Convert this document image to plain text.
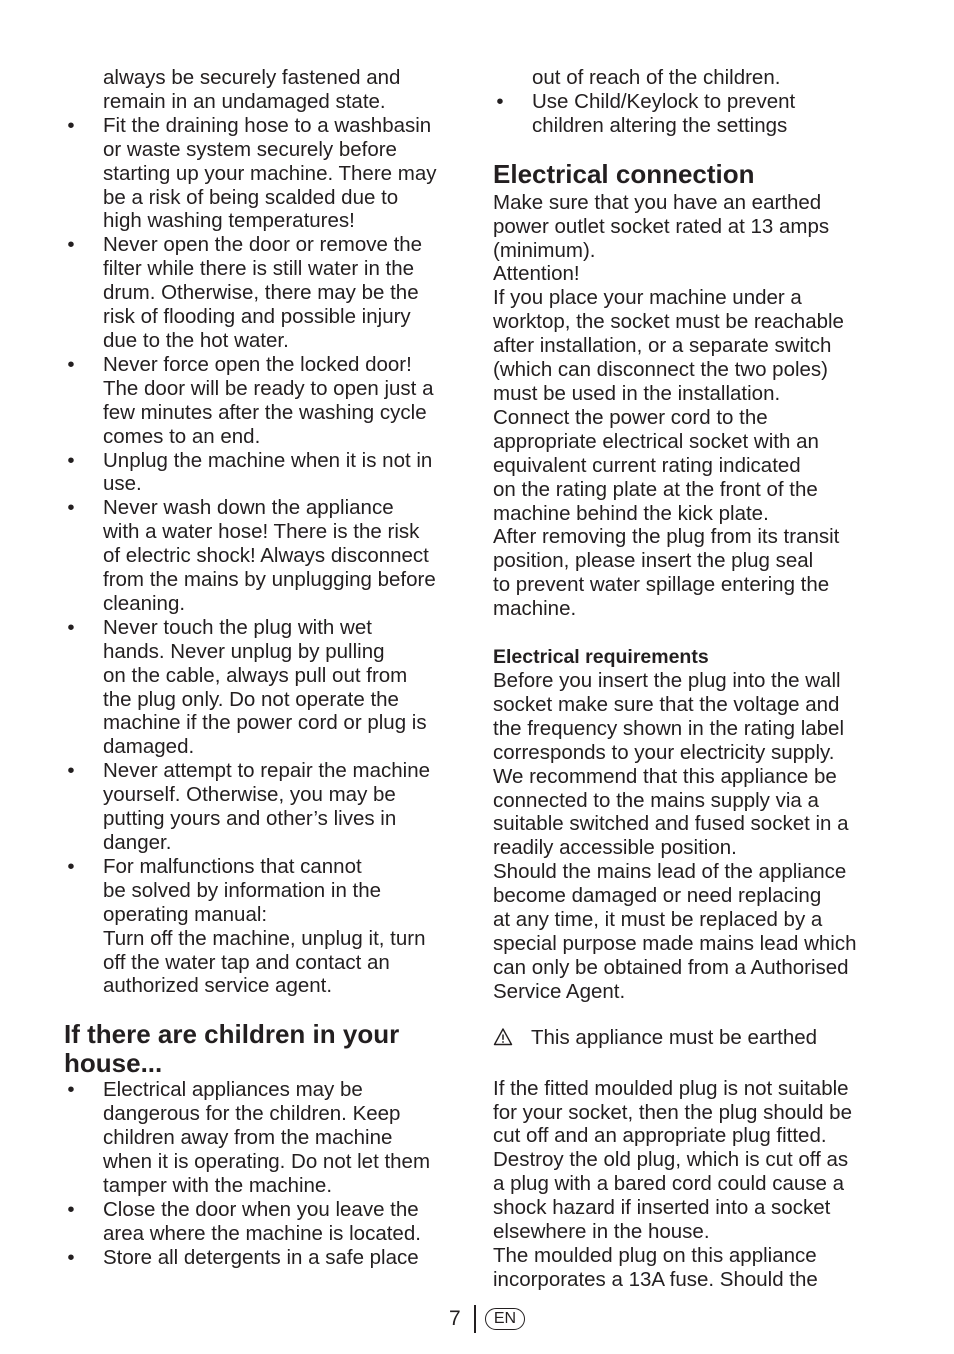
always be securely fastened and
remain in an undamaged state.

• Fit the draining hose to a washbasin
or waste system securely before
starting up your machine. There may
be a risk of being scalded due to
high washing temperatures!
• Never open the door or remove the
filter while there is still water in the
drum. Otherwise, there may be the
risk of flooding and possible injury
due to the hot water.
• Never force open the locked door!
The door will be ready to open just a
few minutes after the washing cycle
comes to an end.
• Unplug the machine when it is not in
use.
• Never wash down the appliance
with a water hose! There is the risk
of electric shock! Always disconnect
from the mains by unplugging before
cleaning.
• Never touch the plug with wet
hands. Never unplug by pulling
on the cable, always pull out from
the plug only. Do not operate the
machine if the power cord or plug is
damaged.
• Never attempt to repair the machine
yourself. Otherwise, you may be
putting yours and other’s lives in
danger.
• For malfunctions that cannot
be solved by information in the
operating manual:
Turn off the machine, unplug it, turn
off the water tap and contact an
authorized service agent.
If there are children in your
house...
• Electrical appliances may be
dangerous for the children. Keep
children away from the machine
when it is operating. Do not let them
tamper with the machine.
• Close the door when you leave the
area where the machine is located.
• Store all detergents in a safe place

out of reach of the children.

• Use Child/Keylock to prevent
children altering the settings
Electrical connection

Make sure that you have an earthed
power outlet socket rated at 13 amps
(minimum).
Attention!
If you place your machine under a
worktop, the socket must be reachable
after installation, or a separate switch
(which can disconnect the two poles)
must be used in the installation.
Connect the power cord to the
appropriate electrical socket with an
equivalent current rating indicated
on the rating plate at the front of the
machine behind the kick plate.
After removing the plug from its transit
position, please insert the plug seal
to prevent water spillage entering the
machine.

Electrical requirements

Before you insert the plug into the wall
socket make sure that the voltage and
the frequency shown in the rating label
corresponds to your electricity supply.
We recommend that this appliance be
connected to the mains supply via a
suitable switched and fused socket in a
readily accessible position.
Should the mains lead of the appliance
become damaged or need replacing
at any time, it must be replaced by a
special purpose made mains lead which
can only be obtained from a Authorised
Service Agent.

This appliance must be earthed

If the fitted moulded plug is not suitable
for your socket, then the plug should be
cut off and an appropriate plug fitted.
Destroy the old plug, which is cut off as
a plug with a bared cord could cause a
shock hazard if inserted into a socket
elsewhere in the house.
The moulded plug on this appliance
incorporates a 13A fuse. Should the

7	EN
